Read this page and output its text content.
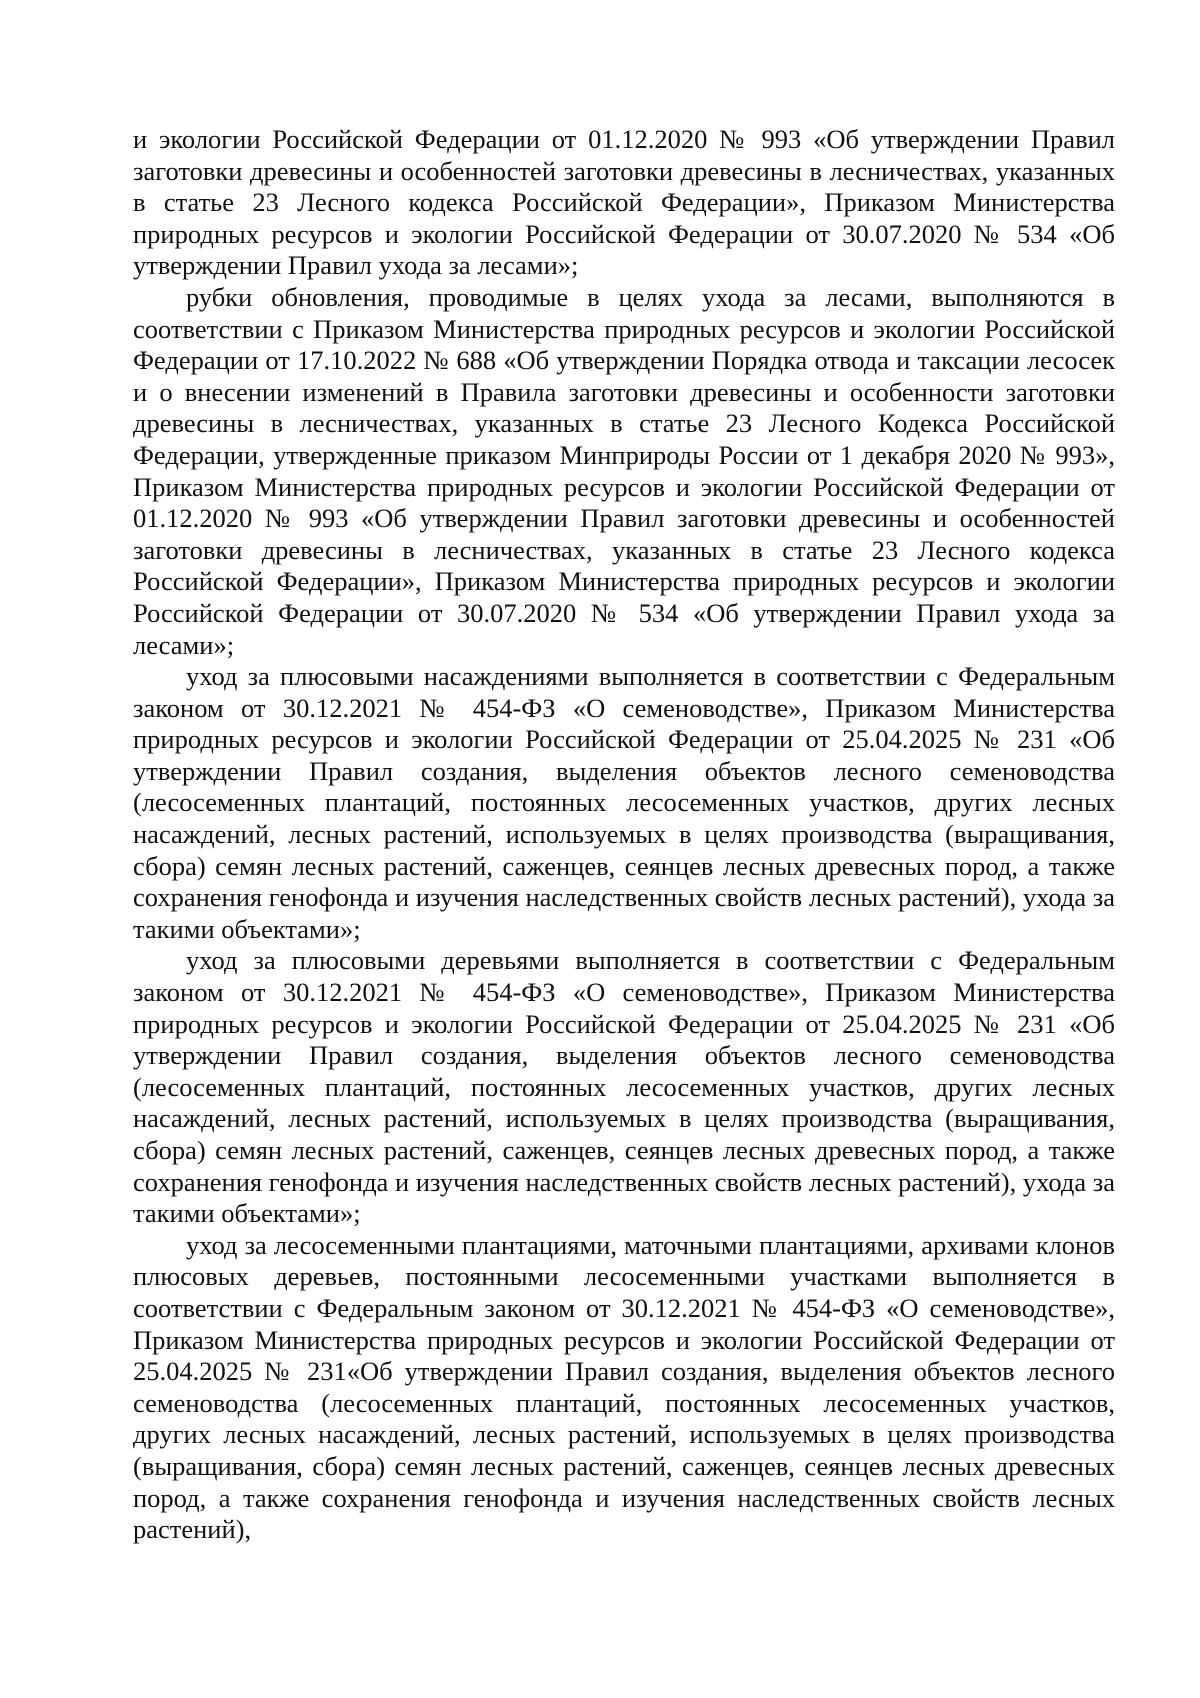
и экологии Российской Федерации от 01.12.2020 № 993 «Об утверждении Правил заготовки древесины и особенностей заготовки древесины в лесничествах, указанных в статье 23 Лесного кодекса Российской Федерации», Приказом Министерства природных ресурсов и экологии Российской Федерации от 30.07.2020 № 534 «Об утверждении Правил ухода за лесами»;

рубки обновления, проводимые в целях ухода за лесами, выполняются в соответствии с Приказом Министерства природных ресурсов и экологии Российской Федерации от 17.10.2022 № 688 «Об утверждении Порядка отвода и таксации лесосек и о внесении изменений в Правила заготовки древесины и особенности заготовки древесины в лесничествах, указанных в статье 23 Лесного Кодекса Российской Федерации, утвержденные приказом Минприроды России от 1 декабря 2020 № 993», Приказом Министерства природных ресурсов и экологии Российской Федерации от 01.12.2020 № 993 «Об утверждении Правил заготовки древесины и особенностей заготовки древесины в лесничествах, указанных в статье 23 Лесного кодекса Российской Федерации», Приказом Министерства природных ресурсов и экологии Российской Федерации от 30.07.2020 № 534 «Об утверждении Правил ухода за лесами»;

уход за плюсовыми насаждениями выполняется в соответствии с Федеральным законом от 30.12.2021 № 454-ФЗ «О семеноводстве», Приказом Министерства природных ресурсов и экологии Российской Федерации от 25.04.2025 № 231 «Об утверждении Правил создания, выделения объектов лесного семеноводства (лесосеменных плантаций, постоянных лесосеменных участков, других лесных насаждений, лесных растений, используемых в целях производства (выращивания, сбора) семян лесных растений, саженцев, сеянцев лесных древесных пород, а также сохранения генофонда и изучения наследственных свойств лесных растений), ухода за такими объектами»;

уход за плюсовыми деревьями выполняется в соответствии с Федеральным законом от 30.12.2021 № 454-ФЗ «О семеноводстве», Приказом Министерства природных ресурсов и экологии Российской Федерации от 25.04.2025 № 231 «Об утверждении Правил создания, выделения объектов лесного семеноводства (лесосеменных плантаций, постоянных лесосеменных участков, других лесных насаждений, лесных растений, используемых в целях производства (выращивания, сбора) семян лесных растений, саженцев, сеянцев лесных древесных пород, а также сохранения генофонда и изучения наследственных свойств лесных растений), ухода за такими объектами»;

уход за лесосеменными плантациями, маточными плантациями, архивами клонов плюсовых деревьев, постоянными лесосеменными участками выполняется в соответствии с Федеральным законом от 30.12.2021 № 454-ФЗ «О семеноводстве», Приказом Министерства природных ресурсов и экологии Российской Федерации от 25.04.2025 № 231«Об утверждении Правил создания, выделения объектов лесного семеноводства (лесосеменных плантаций, постоянных лесосеменных участков, других лесных насаждений, лесных растений, используемых в целях производства (выращивания, сбора) семян лесных растений, саженцев, сеянцев лесных древесных пород, а также сохранения генофонда и изучения наследственных свойств лесных растений),
